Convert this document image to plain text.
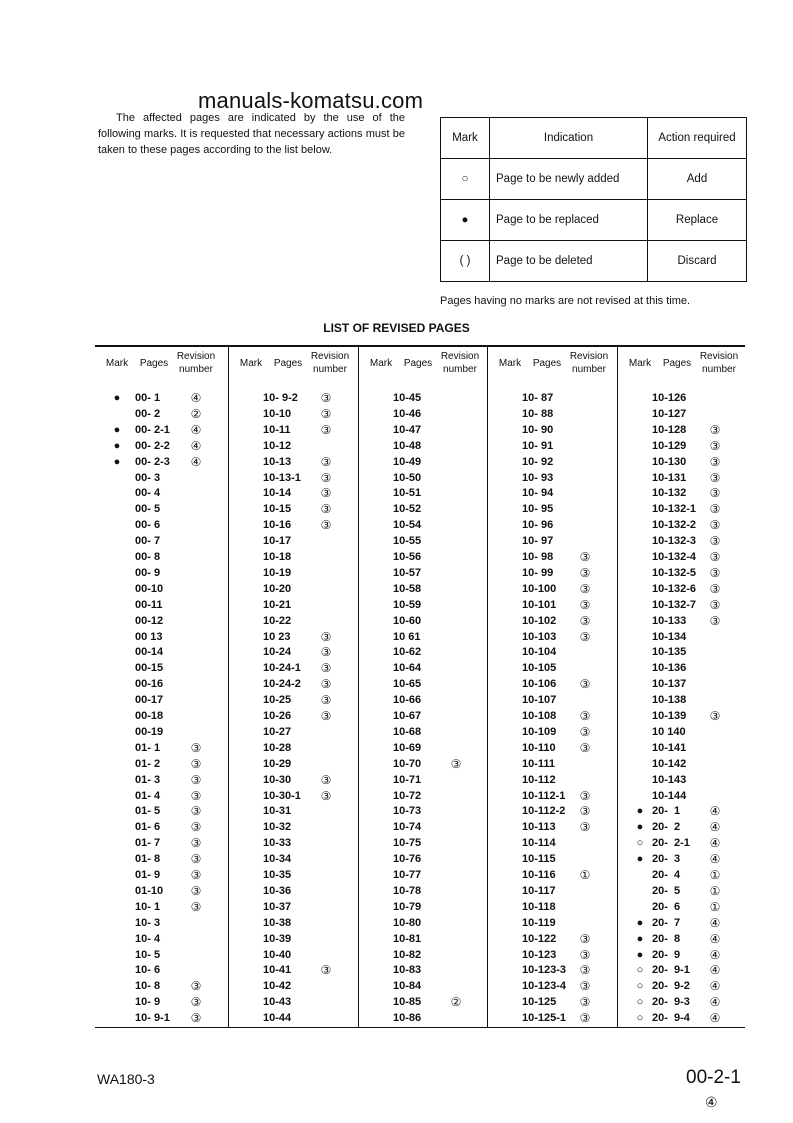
manuals-komatsu.com
The affected pages are indicated by the use of the following marks. It is requested that necessary actions must be taken to these pages according to the list below.
Mark	Indication	Action required
○	Page to be newly added	Add
●	Page to be replaced	Replace
( )	Page to be deleted	Discard
Pages having no marks are not revised at this time.
LIST OF REVISED PAGES
Mark Pages
Revision number
●	00- 1	④
00- 2	②
●	00- 2-1 ④
●	00- 2-2 ④
●	00- 2-3 ④
00- 3
00- 4
00- 5
00- 6
00- 7
00- 8
00- 9
00-10
00-11
00-12
00 13
00-14
00-15
00-16
00-17
00-18
00-19
01- 1	③
01- 2	③
01- 3	③
01- 4	③
01- 5	③
01- 6	③
01- 7	③
01- 8	③
01- 9	③
01-10 ③
10- 1	③
10- 3
10- 4
10- 5
10- 6
10- 8	③
10- 9	③
10- 9-1 ③
Mark Pages
Revision number
10- 9-2 ③
10-10 ③
10-11	③
10-12
10-13 ③
10-13-1 ③
10-14 ③
10-15 ③
10-16 ③
10-17
10-18
10-19
10-20
10-21
10-22
10 23	③
10-24 ③
10-24-1 ③
10-24-2 ③
10-25 ③
10-26 ③
10-27
10-28
10-29
10-30 ③
10-30-1 ③
10-31
10-32
10-33
10-34
10-35
10-36
10-37
10-38
10-39
10-40
10-41 ③
10-42
10-43
10-44
Mark Pages
Revision number
10-45
10-46
10-47
10-48
10-49
10-50
10-51
10-52
10-54
10-55
10-56
10-57
10-58
10-59
10-60
10 61
10-62
10-64
10-65
10-66
10-67
10-68
10-69
10-70 ③
10-71
10-72
10-73
10-74
10-75
10-76
10-77
10-78
10-79
10-80
10-81
10-82
10-83
10-84
10-85 ②
10-86
Mark Pages
Revision number
10- 87
10- 88
10- 90
10- 91
10- 92
10- 93
10- 94
10- 95
10- 96
10- 97
10- 98 ③
10- 99 ③
10-100 ③
10-101 ③
10-102 ③
10-103 ③
10-104
10-105
10-106 ③
10-107
10-108 ③
10-109 ③
10-110 ③
10-111
10-112
10-112-1 ③
10-112-2 ③
10-113 ③
10-114
10-115
10-116 ①
10-117
10-118
10-119
10-122 ③
10-123 ③
10-123-3 ③
10-123-4 ③
10-125 ③
10-125-1 ③
Mark Pages
Revision number
10-126
10-127
10-128 ③
10-129 ③
10-130 ③
10-131 ③
10-132 ③
10-132-1 ③
10-132-2 ③
10-132-3 ③
10-132-4 ③
10-132-5 ③
10-132-6 ③
10-132-7 ③
10-133 ③
10-134
10-135
10-136
10-137
10-138
10-139 ③
10 140
10-141
10-142
10-143
10-144
● 20-  1 ④
● 20-  2 ④
○ 20-  2-1 ④
● 20-  3 ④
20-  4 ①
20-  5 ①
20-  6 ①
● 20-  7 ④
● 20-  8 ④
● 20-  9 ④
○ 20-  9-1 ④
○ 20-  9-2 ④
○ 20-  9-3 ④
○ 20-  9-4 ④
WA180-3	00-2-1
④
